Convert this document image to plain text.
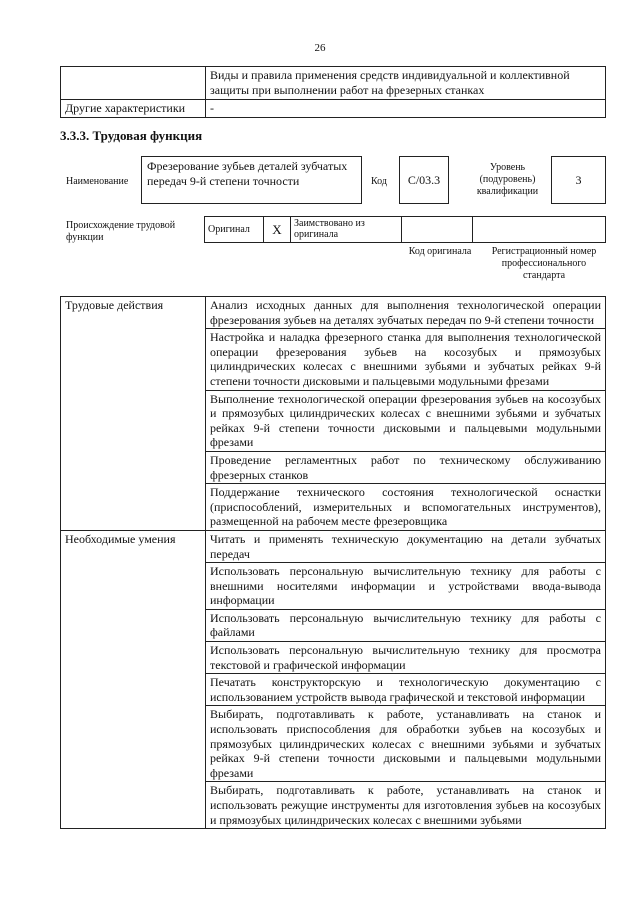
26
	Виды и правила применения средств индивидуальной и коллективной защиты при выполнении работ на фрезерных станках
Другие характеристики	-
3.3.3. Трудовая функция
Наименование
Фрезерование зубьев деталей зубчатых передач 9-й степени точности	Код	С/03.3
Уровень (подуровень) квалификации
3
Происхождение трудовой функции
Оригинал	X	Заимствовано из оригинала		
Код оригинала	Регистрационный номер профессионального стандарта
Трудовые действия	Анализ исходных данных для выполнения технологической операции фрезерования зубьев на деталях зубчатых передач по 9-й степени точности
	Настройка и наладка фрезерного станка для выполнения технологической операции фрезерования зубьев на косозубых и прямозубых цилиндрических колесах с внешними зубьями и зубчатых рейках 9-й степени точности дисковыми и пальцевыми модульными фрезами
	Выполнение технологической операции фрезерования зубьев на косозубых и прямозубых цилиндрических колесах с внешними зубьями и зубчатых рейках 9-й степени точности дисковыми и пальцевыми модульными фрезами
	Проведение регламентных работ по техническому обслуживанию фрезерных станков
	Поддержание технического состояния технологической оснастки (приспособлений, измерительных и вспомогательных инструментов), размещенной на рабочем месте фрезеровщика
Необходимые умения	Читать и применять техническую документацию на детали зубчатых передач
	Использовать персональную вычислительную технику для работы с внешними носителями информации и устройствами ввода-вывода информации
	Использовать персональную вычислительную технику для работы с файлами
	Использовать персональную вычислительную технику для просмотра текстовой и графической информации
	Печатать конструкторскую и технологическую документацию с использованием устройств вывода графической и текстовой информации
	Выбирать, подготавливать к работе, устанавливать на станок и использовать приспособления для обработки зубьев на косозубых и прямозубых цилиндрических колесах с внешними зубьями и зубчатых рейках 9-й степени точности дисковыми и пальцевыми модульными фрезами
	Выбирать, подготавливать к работе, устанавливать на станок и использовать режущие инструменты для изготовления зубьев на косозубых и прямозубых цилиндрических колесах с внешними зубьями
